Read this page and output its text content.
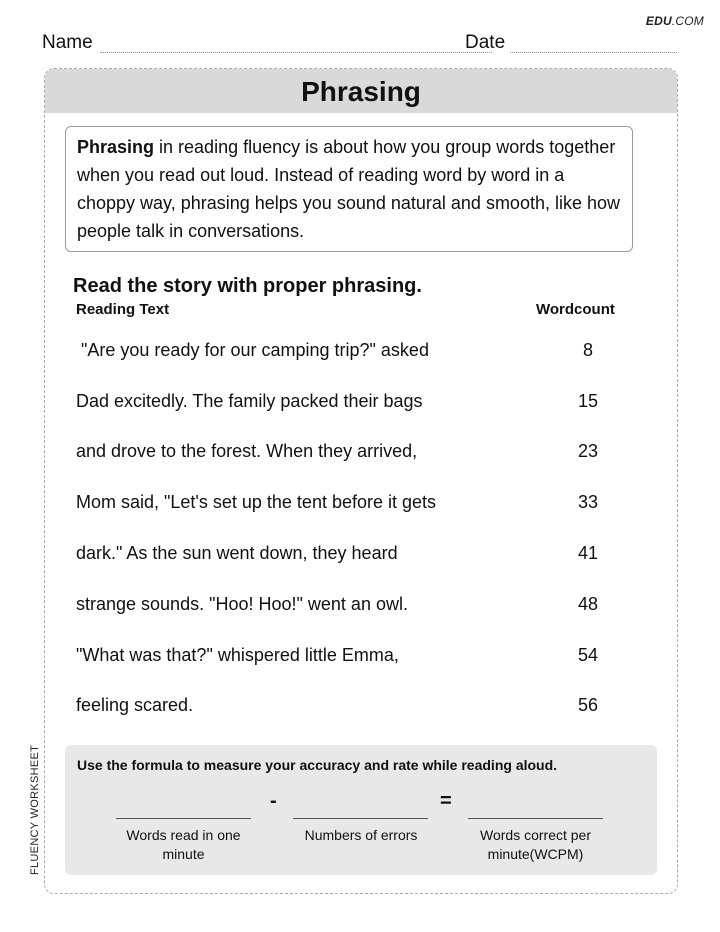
EDU.COM
Name	Date
Phrasing
Phrasing in reading fluency is about how you group words together when you read out loud. Instead of reading word by word in a choppy way, phrasing helps you sound natural and smooth, like how people talk in conversations.
Read the story with proper phrasing.
Reading Text	Wordcount
"Are you ready for our camping trip?" asked	8
Dad excitedly. The family packed their bags	15
and drove to the forest. When they arrived,	23
Mom said, "Let's set up the tent before it gets	33
dark." As the sun went down, they heard	41
strange sounds. "Hoo! Hoo!" went an owl.	48
"What was that?" whispered little Emma,	54
feeling scared.	56
Use the formula to measure your accuracy and rate while reading aloud.
-	=
Words read in one minute
Numbers of errors	Words correct per minute(WCPM)
FLUENCY WORKSHEET
